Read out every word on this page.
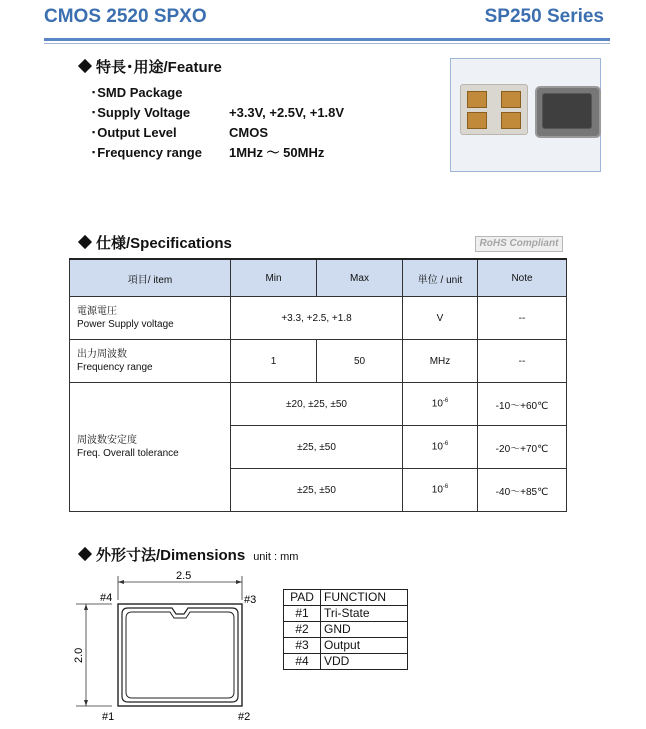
CMOS 2520 SPXO	SP250 Series
特長･用途/Feature
▪ SMD Package
▪ Supply Voltage	+3.3V, +2.5V, +1.8V
▪ Output Level	CMOS
▪ Frequency range 1MHz ～ 50MHz
仕様/Specifications	RoHS Compliant
項目/ item	Min	Max	単位 / unit	Note

電源電圧
Power Supply voltage	+3.3, +2.5, +1.8		V	--

出力周波数
Frequency range	1	50	MHz	--

周波数安定度
Freq. Overall tolerance	±20, ±25, ±50		$10^{-6}$	-10～+60℃
	±25, ±50		$10^{-6}$	-20～+70℃
	±25, ±50		$10^{-6}$	-40～+85℃
外形寸法/Dimensions unit : mm
2.5
2.0
#4	#3
#1	#2
PAD	FUNCTION
#1	Tri-State
#2	GND
#3	Output
#4	VDD
